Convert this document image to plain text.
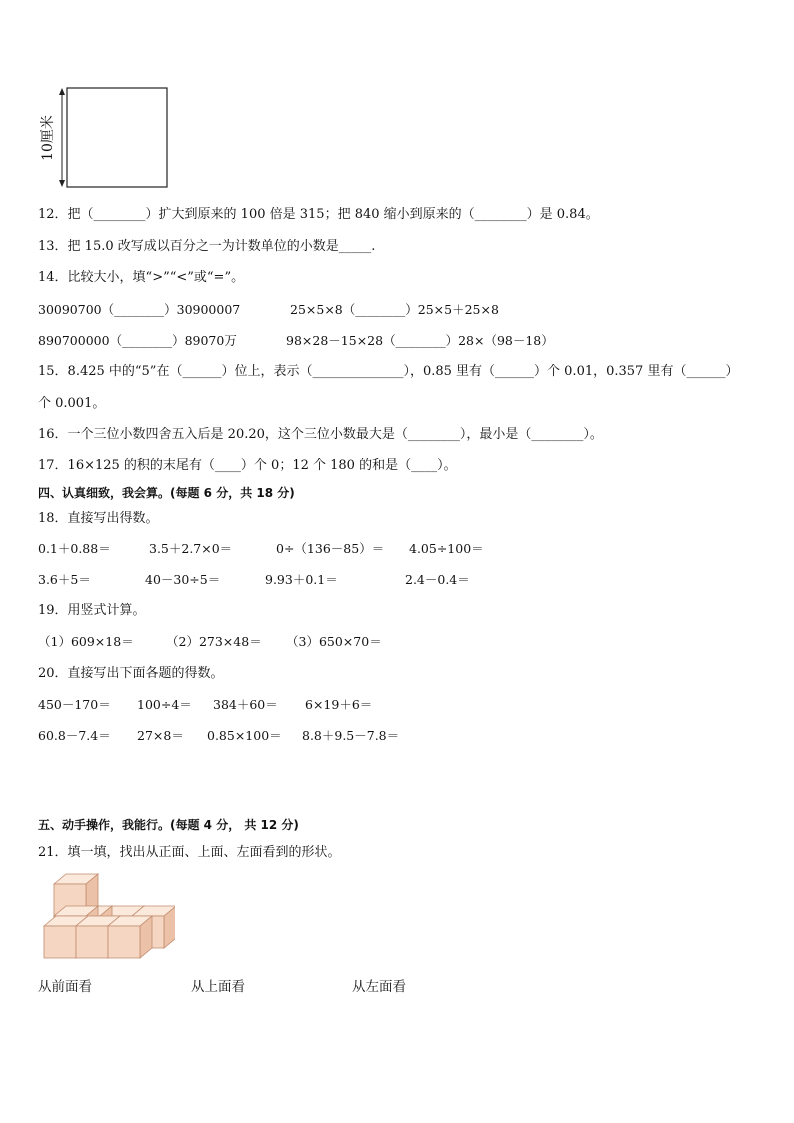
10厘米
12．把（________）扩大到原来的 100 倍是 315；把 840 缩小到原来的（________）是 0.84。
13．把 15.0 改写成以百分之一为计数单位的小数是_____.
14．比较大小，填“>”“<”或“=”。
30090700（________）30900007	25×5×8（________）25×5＋25×8
890700000（________）89070万	98×28－15×28（________）28×（98－18）
15．8.425 中的“5”在（______）位上，表示（______________），0.85 里有（______）个 0.01，0.357 里有（______）
个 0.001。
16．一个三位小数四舍五入后是 20.20，这个三位小数最大是（________），最小是（________）。
17．16×125 的积的末尾有（____）个 0；12 个 180 的和是（____）。
四、认真细致，我会算。(每题 6 分，共 18 分)
18．直接写出得数。
0.1＋0.88＝	3.5＋2.7×0＝	0÷（136－85）＝ 4.05÷100＝
3.6＋5＝	40－30÷5＝	9.93＋0.1＝	2.4－0.4＝
19．用竖式计算。
（1）609×18＝	（2）273×48＝ （3）650×70＝
20．直接写出下面各题的得数。
450－170＝ 100÷4＝ 384＋60＝ 6×19＋6＝
60.8－7.4＝ 27×8＝ 0.85×100＝ 8.8＋9.5－7.8＝
五、动手操作，我能行。(每题 4 分， 共 12 分)
21．填一填，找出从正面、上面、左面看到的形状。
从前面看	从上面看	从左面看
